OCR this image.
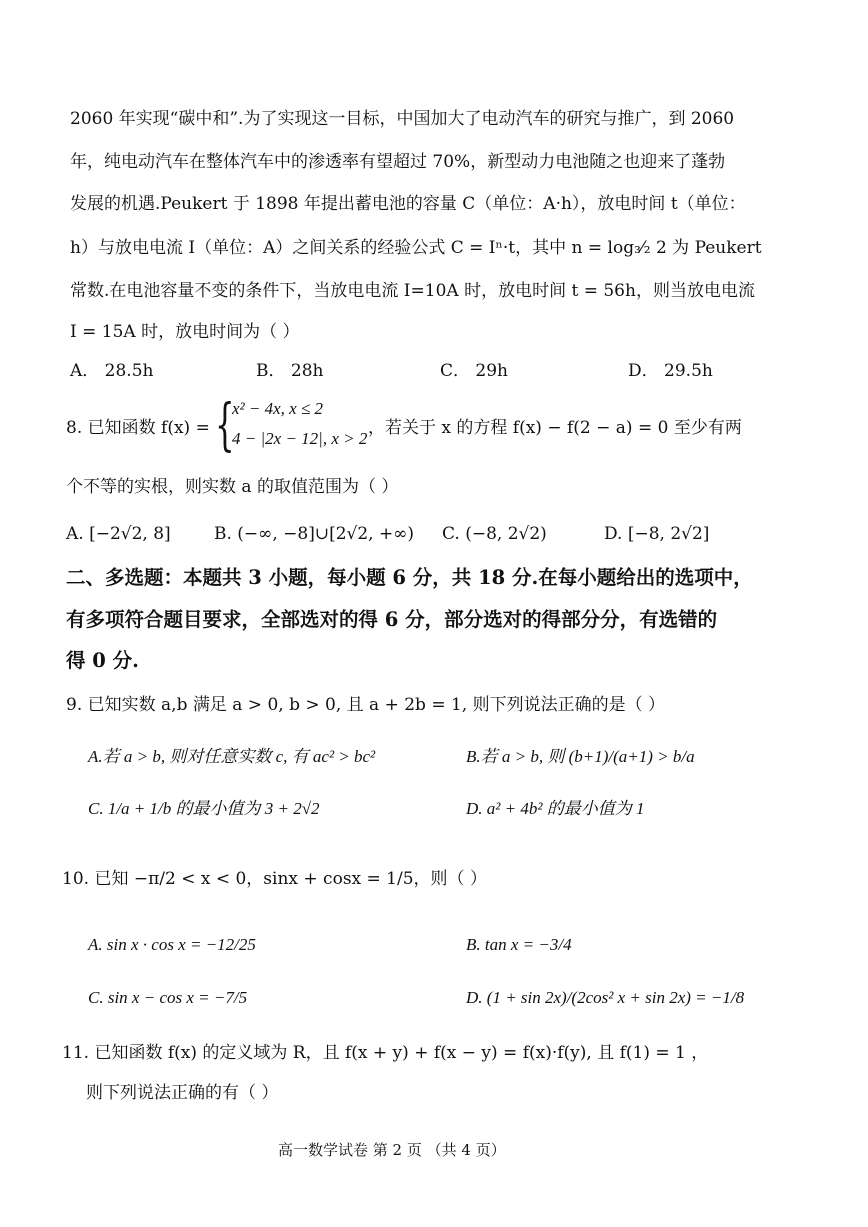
2060 年实现“碳中和”.为了实现这一目标，中国加大了电动汽车的研究与推广，到 2060
年，纯电动汽车在整体汽车中的渗透率有望超过 70%，新型动力电池随之也迎来了蓬勃
发展的机遇.Peukert 于 1898 年提出蓄电池的容量 C（单位：A·h），放电时间 t（单位：
h）与放电电流 I（单位：A）之间关系的经验公式 C = Iⁿ·t，其中 n = log₃⁄₂ 2 为 Peukert
常数.在电池容量不变的条件下，当放电电流 I=10A 时，放电时间 t = 56h，则当放电电流
I = 15A 时，放电时间为（ ）
A． 28.5h	B． 28h	C． 29h	D． 29.5h
8. 已知函数 f(x) = {
x² − 4x, x ≤ 2
4 − |2x − 12|, x > 2
，若关于 x 的方程 f(x) − f(2 − a) = 0 至少有两
个不等的实根，则实数 a 的取值范围为（ ）
A. [−2√2, 8]	B. (−∞, −8]∪[2√2, +∞) C. (−8, 2√2)	D. [−8, 2√2]
二、多选题：本题共 3 小题，每小题 6 分，共 18 分.在每小题给出的选项中，
有多项符合题目要求，全部选对的得 6 分，部分选对的得部分分，有选错的
得 0 分.
9. 已知实数 a,b 满足 a > 0, b > 0, 且 a + 2b = 1, 则下列说法正确的是（ ）
A.若 a > b, 则对任意实数 c, 有 ac² > bc²	B.若 a > b, 则 (b+1)/(a+1) > b/a
C. 1/a + 1/b 的最小值为 3 + 2√2	D. a² + 4b² 的最小值为 1
10. 已知 −π/2 < x < 0，sinx + cosx = 1/5，则（ ）
A. sin x · cos x = −12/25	B. tan x = −3/4
C. sin x − cos x = −7/5	D. (1 + sin 2x)/(2cos² x + sin 2x) = −1/8
11. 已知函数 f(x) 的定义域为 R，且 f(x + y) + f(x − y) = f(x)·f(y), 且 f(1) = 1 ，
则下列说法正确的有（ ）
高一数学试卷 第 2 页 （共 4 页）
